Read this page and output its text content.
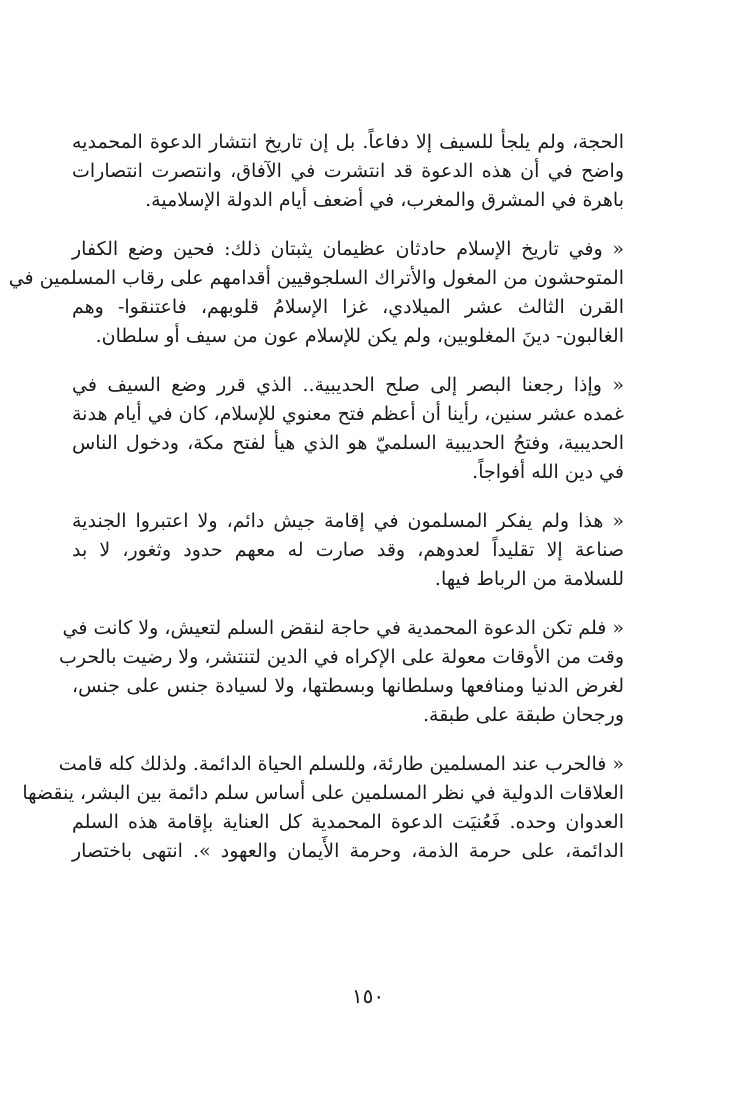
الحجة، ولم يلجأ للسيف إلا دفاعاً. بل إن تاريخ انتشار الدعوة المحمديه
واضح في أن هذه الدعوة قد انتشرت في الآفاق، وانتصرت انتصارات
باهرة في المشرق والمغرب، في أضعف أيام الدولة الإسلامية.
« وفي تاريخ الإسلام حادثان عظيمان يثبتان ذلك: فحين وضع الكفار
المتوحشون من المغول والأتراك السلجوقيين أقدامهم على رقاب المسلمين في
القرن الثالث عشر الميلادي، غزا الإسلامُ قلوبهم، فاعتنقوا- وهم
الغالبون- دينَ المغلوبين، ولم يكن للإسلام عون من سيف أو سلطان.
« وإذا رجعنا البصر إلى صلح الحديبية.. الذي قرر وضع السيف في
غمده عشر سنين، رأينا أن أعظم فتح معنوي للإسلام، كان في أيام هدنة
الحديبية، وفتحُ الحديبية السلميّ هو الذي هيأ لفتح مكة، ودخول الناس
في دين الله أفواجاً.
« هذا ولم يفكر المسلمون في إقامة جيش دائم، ولا اعتبروا الجندية
صناعة إلا تقليداً لعدوهم، وقد صارت له معهم حدود وثغور، لا بد
للسلامة من الرباط فيها.
« فلم تكن الدعوة المحمدية في حاجة لنقض السلم لتعيش، ولا كانت في
وقت من الأوقات معولة على الإكراه في الدين لتنتشر، ولا رضيت بالحرب
لغرض الدنيا ومنافعها وسلطانها وبسطتها، ولا لسيادة جنس على جنس،
ورجحان طبقة على طبقة.
« فالحرب عند المسلمين طارئة، وللسلم الحياة الدائمة. ولذلك كله قامت
العلاقات الدولية في نظر المسلمين على أساس سلم دائمة بين البشر، ينقضها
العدوان وحده. فَعُنيَت الدعوة المحمدية كل العناية بإقامة هذه السلم
الدائمة، على حرمة الذمة، وحرمة الأَيمان والعهود ». انتهى باختصار
١٥٠
